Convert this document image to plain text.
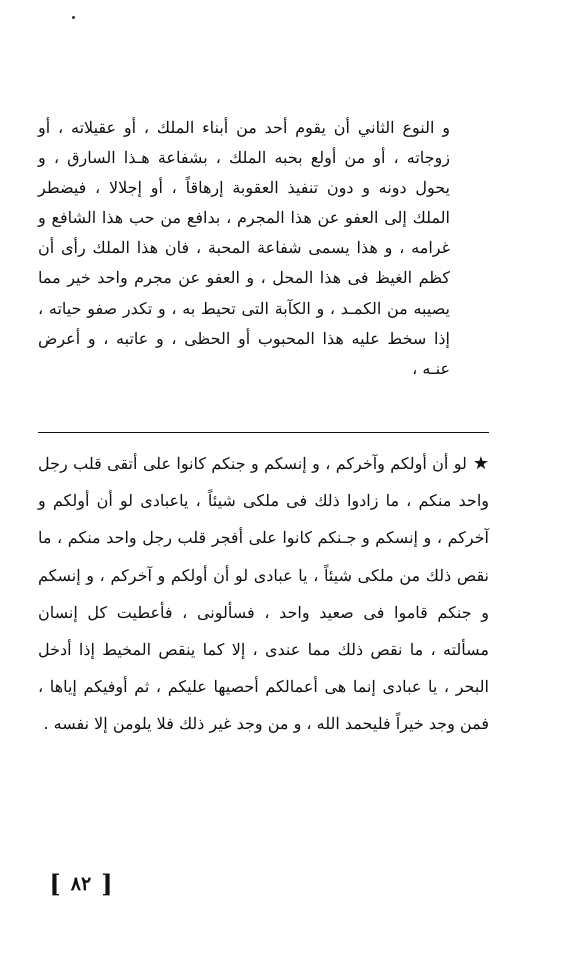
و النوع الثاني أن يقوم أحد من أبناء الملك ، أو عقيلاته ، أو زوجاته ، أو من أولع بحبه الملك ، بشفاعة هـذا السارق ، و يحول دونه و دون تنفيذ العقوبة إرهاقاً ، أو إجلالا ، فيضطر الملك إلى العفو عن هذا المجرم ، بدافع من حب هذا الشافع و غرامه ، و هذا يسمى شفاعة المحبة ، فان هذا الملك رأى أن كظم الغيظ فى هذا المحل ، و العفو عن مجرم واحد خير مما يصيبه من الكمـد ، و الكآبة التى تحيط به ، و تكدر صفو حياته ، إذا سخط عليه هذا المحبوب أو الحظى ، و عاتبه ، و أعرض عنـه ،

★لو أن أولكم وآخركم ، و إنسكم و جنكم كانوا على أتقى قلب رجل واحد منكم ، ما زادوا ذلك فى ملكى شيئاً ، ياعبادى لو أن أولكم و آخركم ، و إنسكم و جـنكم كانوا على أفجر قلب رجل واحد منكم ، ما نقص ذلك من ملكى شيئاً ، يا عبادى لو أن أولكم و آخركم ، و إنسكم و جنكم قاموا فى صعيد واحد ، فسألونى ، فأعطيت كل إنسان مسألته ، ما نقص ذلك مما عندى ، إلا كما ينقص المخيط إذا أدخل البحر ، يا عبادى إنما هى أعمالكم أحصيها عليكم ، ثم أوفيكم إياها ، فمن وجد خيراً فليحمد الله ، و من وجد غير ذلك فلا يلومن إلا نفسه .

[ ٨٢ ]
